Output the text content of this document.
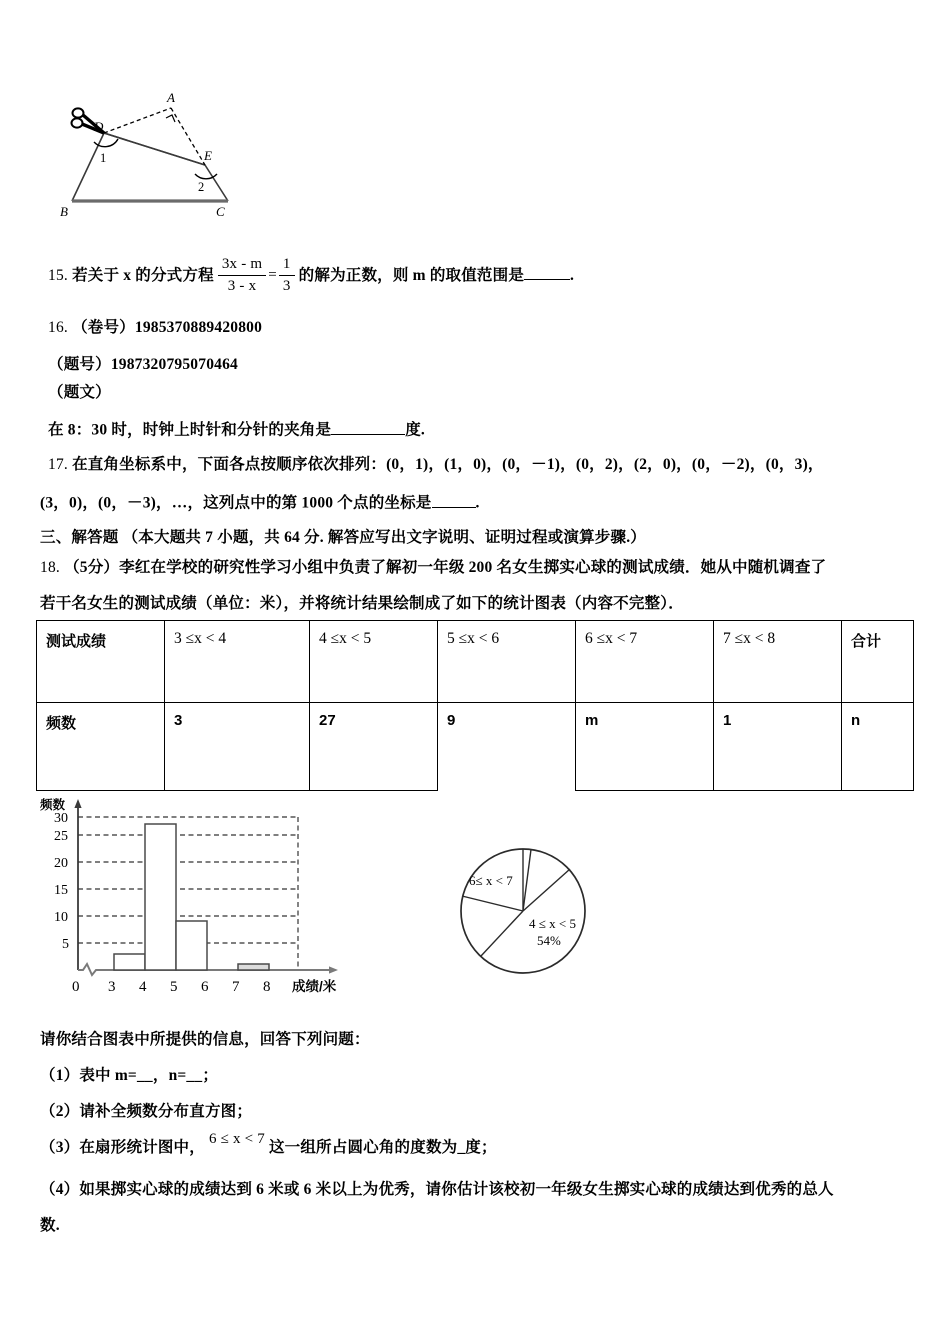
A
B	C
D
E
1
2
15. 若关于 x 的分式方程 $\frac{3x - m}{3 - x} = \frac{1}{3}$ 的解为正数，则 m 的取值范围是	.
16. （卷号）1985370889420800
（题号）1987320795070464
（题文）
在 8：30 时，时钟上时针和分针的夹角是	度.
17. 在直角坐标系中，下面各点按顺序依次排列：(0，1)，(1，0)，(0，－1)，(0，2)，(2，0)，(0，－2)，(0，3)，
(3，0)，(0，－3)，…，这列点中的第 1000 个点的坐标是	.
三、解答题 （本大题共 7 小题，共 64 分. 解答应写出文字说明、证明过程或演算步骤.）
18. （5分）李红在学校的研究性学习小组中负责了解初一年级 200 名女生掷实心球的测试成绩．她从中随机调查了
若干名女生的测试成绩（单位：米），并将统计结果绘制成了如下的统计图表（内容不完整）．
测试成绩	3 ≤x < 4	4 ≤x < 5	5 ≤x < 6	6 ≤x < 7	7 ≤x < 8	合计
频数	3	27	9	m	1	n
30
25
20
15
10
5
0 3 4 5 6 7 8
频数
成绩/米
6≤ x < 7
4 ≤ x < 5
54%
请你结合图表中所提供的信息，回答下列问题：
（1）表中 m=__，n=__；
（2）请补全频数分布直方图；
（3）在扇形统计图中， 6 ≤ x < 7 这一组所占圆心角的度数为_度；
（4）如果掷实心球的成绩达到 6 米或 6 米以上为优秀，请你估计该校初一年级女生掷实心球的成绩达到优秀的总人
数.
